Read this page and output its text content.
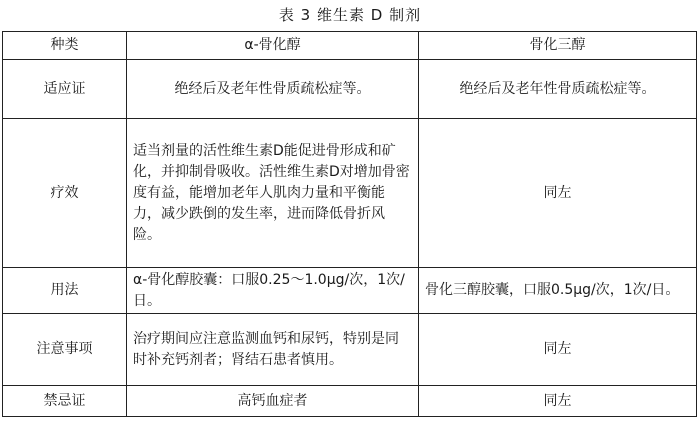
表 3 维生素 D 制剂
种类	α-骨化醇	骨化三醇
适应证	绝经后及老年性骨质疏松症等。	绝经后及老年性骨质疏松症等。
疗效	适当剂量的活性维生素D能促进骨形成和矿化，并抑制骨吸收。活性维生素D对增加骨密度有益，能增加老年人肌肉力量和平衡能力，减少跌倒的发生率，进而降低骨折风险。	同左
用法	α-骨化醇胶囊：口服0.25～1.0μg/次，1次/日。	骨化三醇胶囊，口服0.5μg/次，1次/日。
注意事项	治疗期间应注意监测血钙和尿钙，特别是同时补充钙剂者；肾结石患者慎用。	同左
禁忌证	高钙血症者	同左
